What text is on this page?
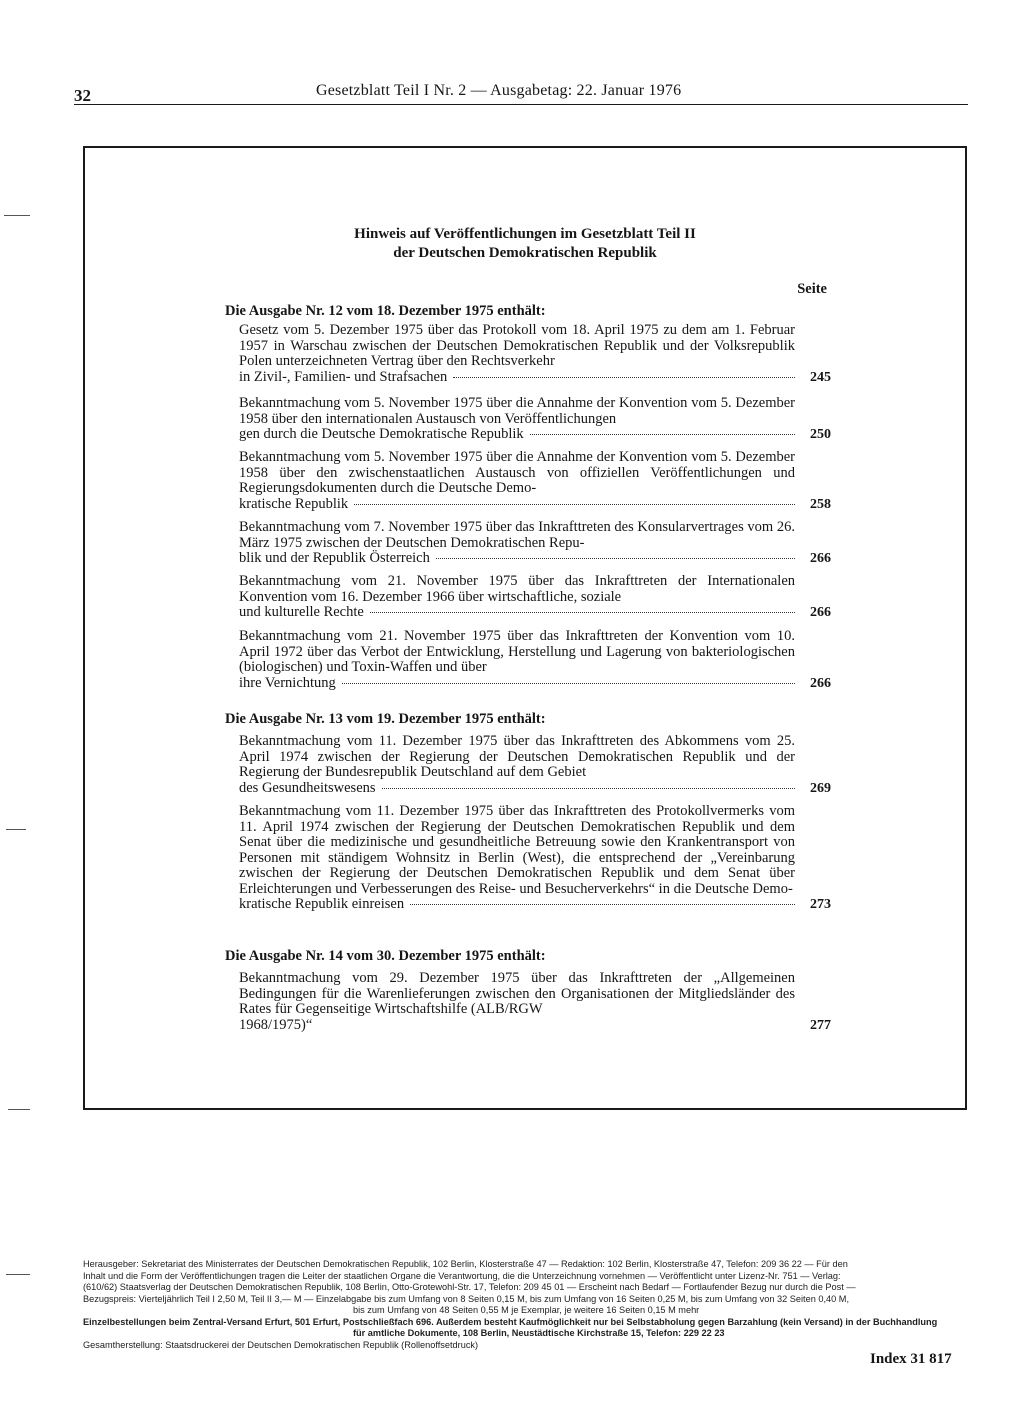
32	Gesetzblatt Teil I Nr. 2 — Ausgabetag: 22. Januar 1976
Hinweis auf Veröffentlichungen im Gesetzblatt Teil II
der Deutschen Demokratischen Republik
Seite
Die Ausgabe Nr. 12 vom 18. Dezember 1975 enthält:
Gesetz vom 5. Dezember 1975 über das Protokoll vom 18. April 1975 zu dem am 1. Februar 1957 in Warschau zwischen der Deutschen Demokratischen Republik und der Volksrepublik Polen unterzeichneten Vertrag über den Rechtsverkehr
in Zivil-, Familien- und Strafsachen	245
Bekanntmachung vom 5. November 1975 über die Annahme der Konvention vom 5. Dezember 1958 über den internationalen Austausch von Veröffentlichungen
gen durch die Deutsche Demokratische Republik	250
Bekanntmachung vom 5. November 1975 über die Annahme der Konvention vom 5. Dezember 1958 über den zwischenstaatlichen Austausch von offiziellen Veröffentlichungen und Regierungsdokumenten durch die Deutsche Demo-
kratische Republik	258
Bekanntmachung vom 7. November 1975 über das Inkrafttreten des Konsularvertrages vom 26. März 1975 zwischen der Deutschen Demokratischen Repu-
blik und der Republik Österreich	266
Bekanntmachung vom 21. November 1975 über das Inkrafttreten der Internationalen Konvention vom 16. Dezember 1966 über wirtschaftliche, soziale
und kulturelle Rechte	266
Bekanntmachung vom 21. November 1975 über das Inkrafttreten der Konvention vom 10. April 1972 über das Verbot der Entwicklung, Herstellung und Lagerung von bakteriologischen (biologischen) und Toxin-Waffen und über
ihre Vernichtung	266
Die Ausgabe Nr. 13 vom 19. Dezember 1975 enthält:
Bekanntmachung vom 11. Dezember 1975 über das Inkrafttreten des Abkommens vom 25. April 1974 zwischen der Regierung der Deutschen Demokratischen Republik und der Regierung der Bundesrepublik Deutschland auf dem Gebiet
des Gesundheitswesens	269
Bekanntmachung vom 11. Dezember 1975 über das Inkrafttreten des Protokollvermerks vom 11. April 1974 zwischen der Regierung der Deutschen Demokratischen Republik und dem Senat über die medizinische und gesundheitliche Betreuung sowie den Krankentransport von Personen mit ständigem Wohnsitz in Berlin (West), die entsprechend der „Vereinbarung zwischen der Regierung der Deutschen Demokratischen Republik und dem Senat über Erleichterungen und Verbesserungen des Reise- und Besucherverkehrs“ in die Deutsche Demo-
kratische Republik einreisen	273
Die Ausgabe Nr. 14 vom 30. Dezember 1975 enthält:
Bekanntmachung vom 29. Dezember 1975 über das Inkrafttreten der „Allgemeinen Bedingungen für die Warenlieferungen zwischen den Organisationen der Mitgliedsländer des Rates für Gegenseitige Wirtschaftshilfe (ALB/RGW
1968/1975)“	277
Herausgeber: Sekretariat des Ministerrates der Deutschen Demokratischen Republik, 102 Berlin, Klosterstraße 47 — Redaktion: 102 Berlin, Klosterstraße 47, Telefon: 209 36 22 — Für den
Inhalt und die Form der Veröffentlichungen tragen die Leiter der staatlichen Organe die Verantwortung, die die Unterzeichnung vornehmen — Veröffentlicht unter Lizenz-Nr. 751 — Verlag:
(610/62) Staatsverlag der Deutschen Demokratischen Republik, 108 Berlin, Otto-Grotewohl-Str. 17, Telefon: 209 45 01 — Erscheint nach Bedarf — Fortlaufender Bezug nur durch die Post —
Bezugspreis: Vierteljährlich Teil I 2,50 M, Teil II 3,— M — Einzelabgabe bis zum Umfang von 8 Seiten 0,15 M, bis zum Umfang von 16 Seiten 0,25 M, bis zum Umfang von 32 Seiten 0,40 M,
bis zum Umfang von 48 Seiten 0,55 M je Exemplar, je weitere 16 Seiten 0,15 M mehr
Einzelbestellungen beim Zentral-Versand Erfurt, 501 Erfurt, Postschließfach 696. Außerdem besteht Kaufmöglichkeit nur bei Selbstabholung gegen Barzahlung (kein Versand) in der Buchhandlung
für amtliche Dokumente, 108 Berlin, Neustädtische Kirchstraße 15, Telefon: 229 22 23
Gesamtherstellung: Staatsdruckerei der Deutschen Demokratischen Republik (Rollenoffsetdruck)
Index 31 817
